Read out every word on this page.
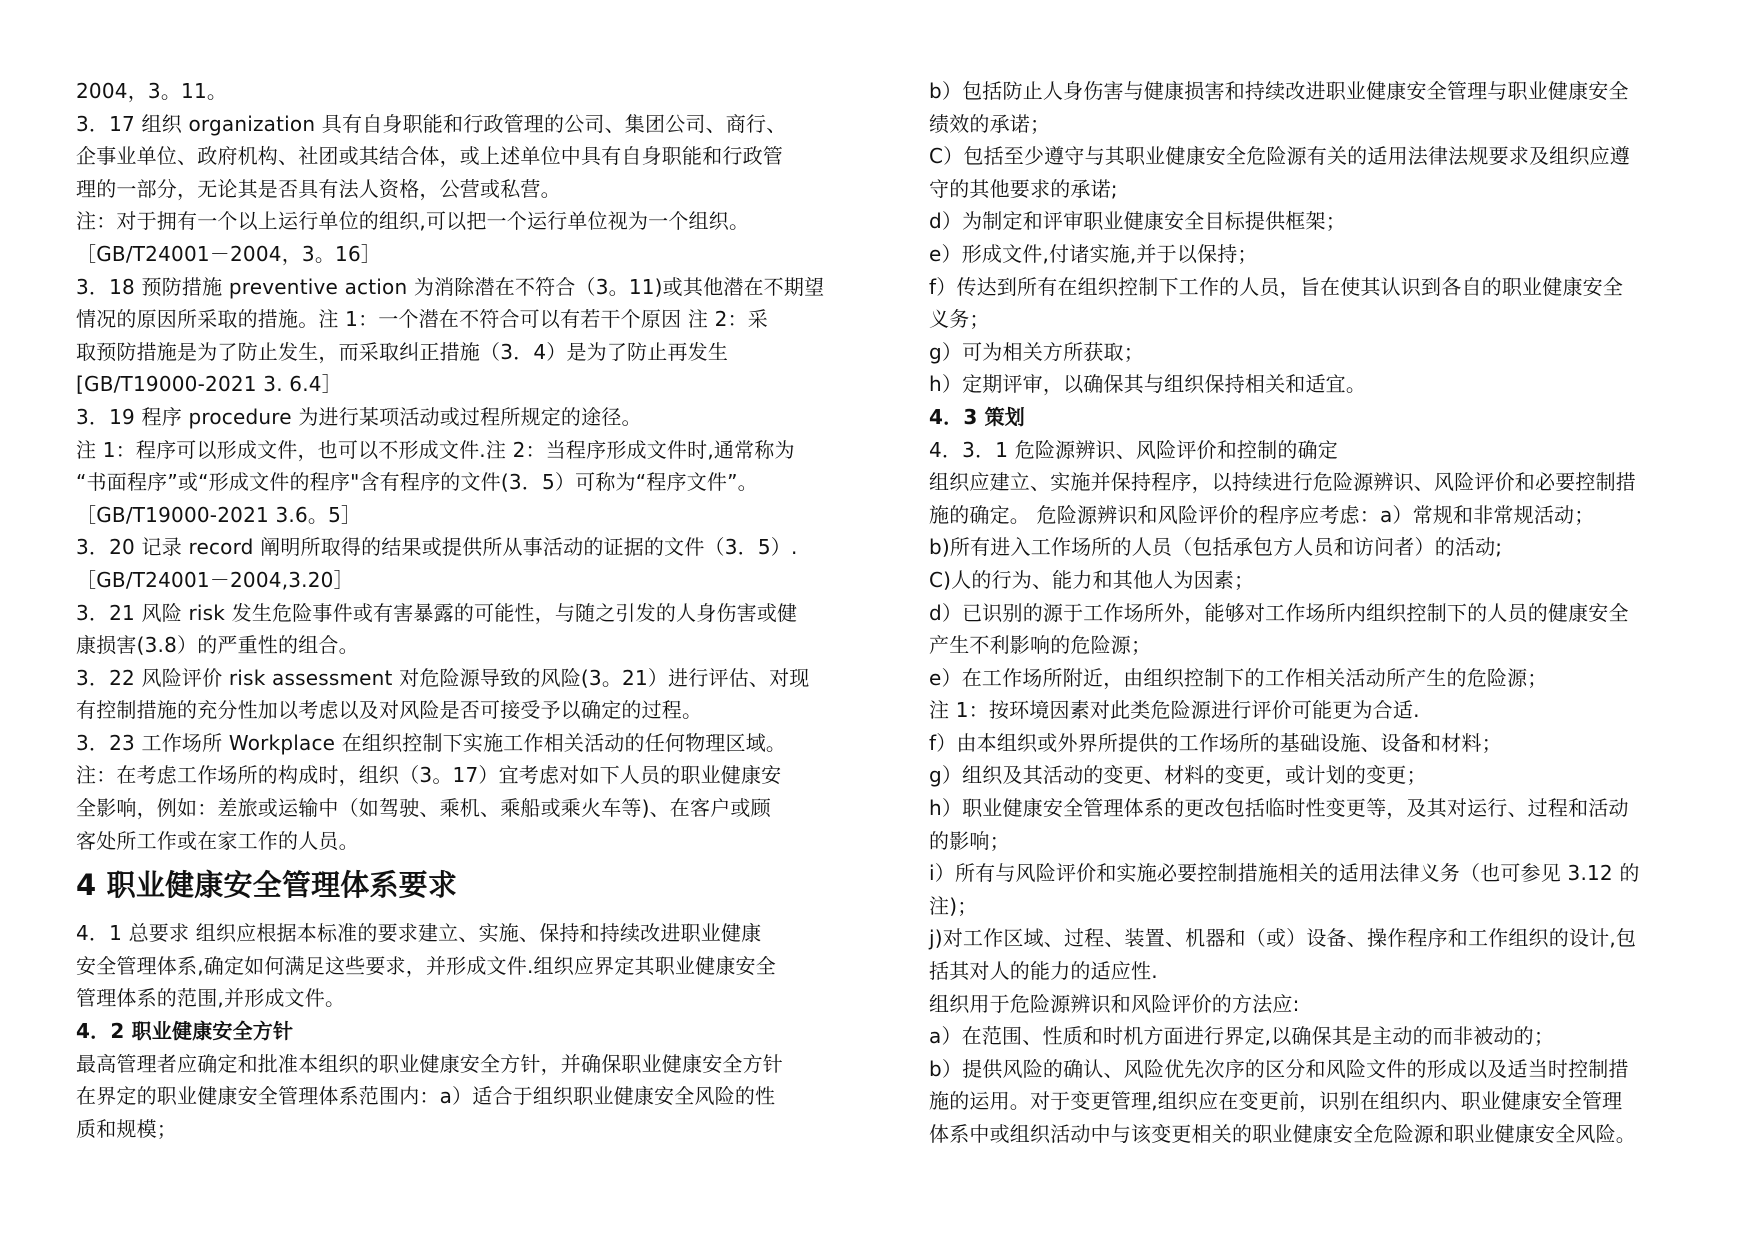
2004，3。11。
3．17 组织 organization 具有自身职能和行政管理的公司、集团公司、商行、
企事业单位、政府机构、社团或其结合体，或上述单位中具有自身职能和行政管
理的一部分，无论其是否具有法人资格，公营或私营。
注：对于拥有一个以上运行单位的组织,可以把一个运行单位视为一个组织。
［GB/T24001－2004，3。16］
3．18 预防措施 preventive action 为消除潜在不符合（3。11)或其他潜在不期望
情况的原因所采取的措施。注 1：一个潜在不符合可以有若干个原因 注 2：采
取预防措施是为了防止发生，而采取纠正措施（3．4）是为了防止再发生
[GB/T19000-2021 3. 6.4］
3．19 程序 procedure 为进行某项活动或过程所规定的途径。
注 1：程序可以形成文件，也可以不形成文件.注 2：当程序形成文件时,通常称为
“书面程序”或“形成文件的程序"含有程序的文件(3．5）可称为“程序文件”。
［GB/T19000-2021 3.6。5］
3．20 记录 record 阐明所取得的结果或提供所从事活动的证据的文件（3．5）.
［GB/T24001－2004,3.20］
3．21 风险 risk 发生危险事件或有害暴露的可能性，与随之引发的人身伤害或健
康损害(3.8）的严重性的组合。
3．22 风险评价 risk assessment 对危险源导致的风险(3。21）进行评估、对现
有控制措施的充分性加以考虑以及对风险是否可接受予以确定的过程。
3．23 工作场所 Workplace 在组织控制下实施工作相关活动的任何物理区域。
注：在考虑工作场所的构成时，组织（3。17）宜考虑对如下人员的职业健康安
全影响，例如：差旅或运输中（如驾驶、乘机、乘船或乘火车等)、在客户或顾
客处所工作或在家工作的人员。
4 职业健康安全管理体系要求
4．1 总要求 组织应根据本标准的要求建立、实施、保持和持续改进职业健康
安全管理体系,确定如何满足这些要求，并形成文件.组织应界定其职业健康安全
管理体系的范围,并形成文件。
4．2 职业健康安全方针
最高管理者应确定和批准本组织的职业健康安全方针，并确保职业健康安全方针
在界定的职业健康安全管理体系范围内：a）适合于组织职业健康安全风险的性
质和规模；
b）包括防止人身伤害与健康损害和持续改进职业健康安全管理与职业健康安全
绩效的承诺；
C）包括至少遵守与其职业健康安全危险源有关的适用法律法规要求及组织应遵
守的其他要求的承诺;
d）为制定和评审职业健康安全目标提供框架；
e）形成文件,付诸实施,并于以保持；
f）传达到所有在组织控制下工作的人员，旨在使其认识到各自的职业健康安全
义务；
g）可为相关方所获取；
h）定期评审，以确保其与组织保持相关和适宜。
4．3 策划
4．3．1 危险源辨识、风险评价和控制的确定
组织应建立、实施并保持程序，以持续进行危险源辨识、风险评价和必要控制措
施的确定。 危险源辨识和风险评价的程序应考虑：a）常规和非常规活动；
b)所有进入工作场所的人员（包括承包方人员和访问者）的活动;
C)人的行为、能力和其他人为因素；
d）已识别的源于工作场所外，能够对工作场所内组织控制下的人员的健康安全
产生不利影响的危险源；
e）在工作场所附近，由组织控制下的工作相关活动所产生的危险源；
注 1：按环境因素对此类危险源进行评价可能更为合适.
f）由本组织或外界所提供的工作场所的基础设施、设备和材料；
g）组织及其活动的变更、材料的变更，或计划的变更；
h）职业健康安全管理体系的更改包括临时性变更等，及其对运行、过程和活动
的影响；
i）所有与风险评价和实施必要控制措施相关的适用法律义务（也可参见 3.12 的
注)；
j)对工作区域、过程、装置、机器和（或）设备、操作程序和工作组织的设计,包
括其对人的能力的适应性.
组织用于危险源辨识和风险评价的方法应:
a）在范围、性质和时机方面进行界定,以确保其是主动的而非被动的；
b）提供风险的确认、风险优先次序的区分和风险文件的形成以及适当时控制措
施的运用。对于变更管理,组织应在变更前，识别在组织内、职业健康安全管理
体系中或组织活动中与该变更相关的职业健康安全危险源和职业健康安全风险。
